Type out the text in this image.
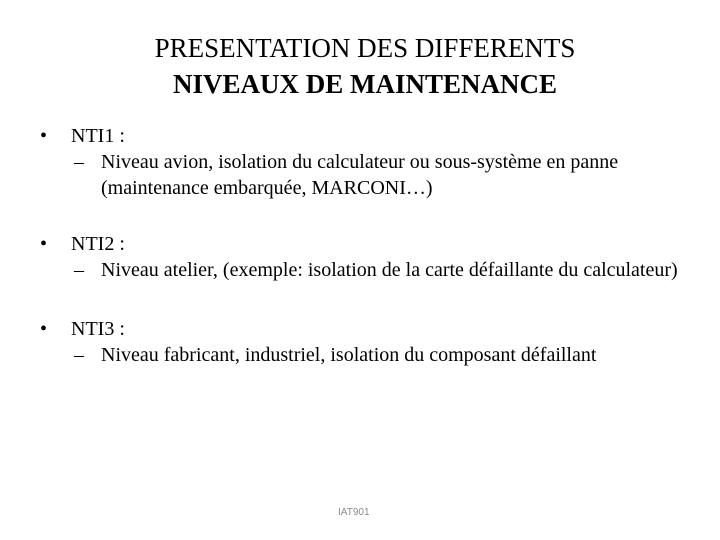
PRESENTATION DES DIFFERENTS
NIVEAUX DE MAINTENANCE
• NTI1 :
– Niveau avion, isolation du calculateur ou sous-système en panne (maintenance embarquée, MARCONI…)
• NTI2 :
– Niveau atelier, (exemple: isolation de la carte défaillante du calculateur)
• NTI3 :
– Niveau fabricant, industriel, isolation du composant défaillant
IAT901
